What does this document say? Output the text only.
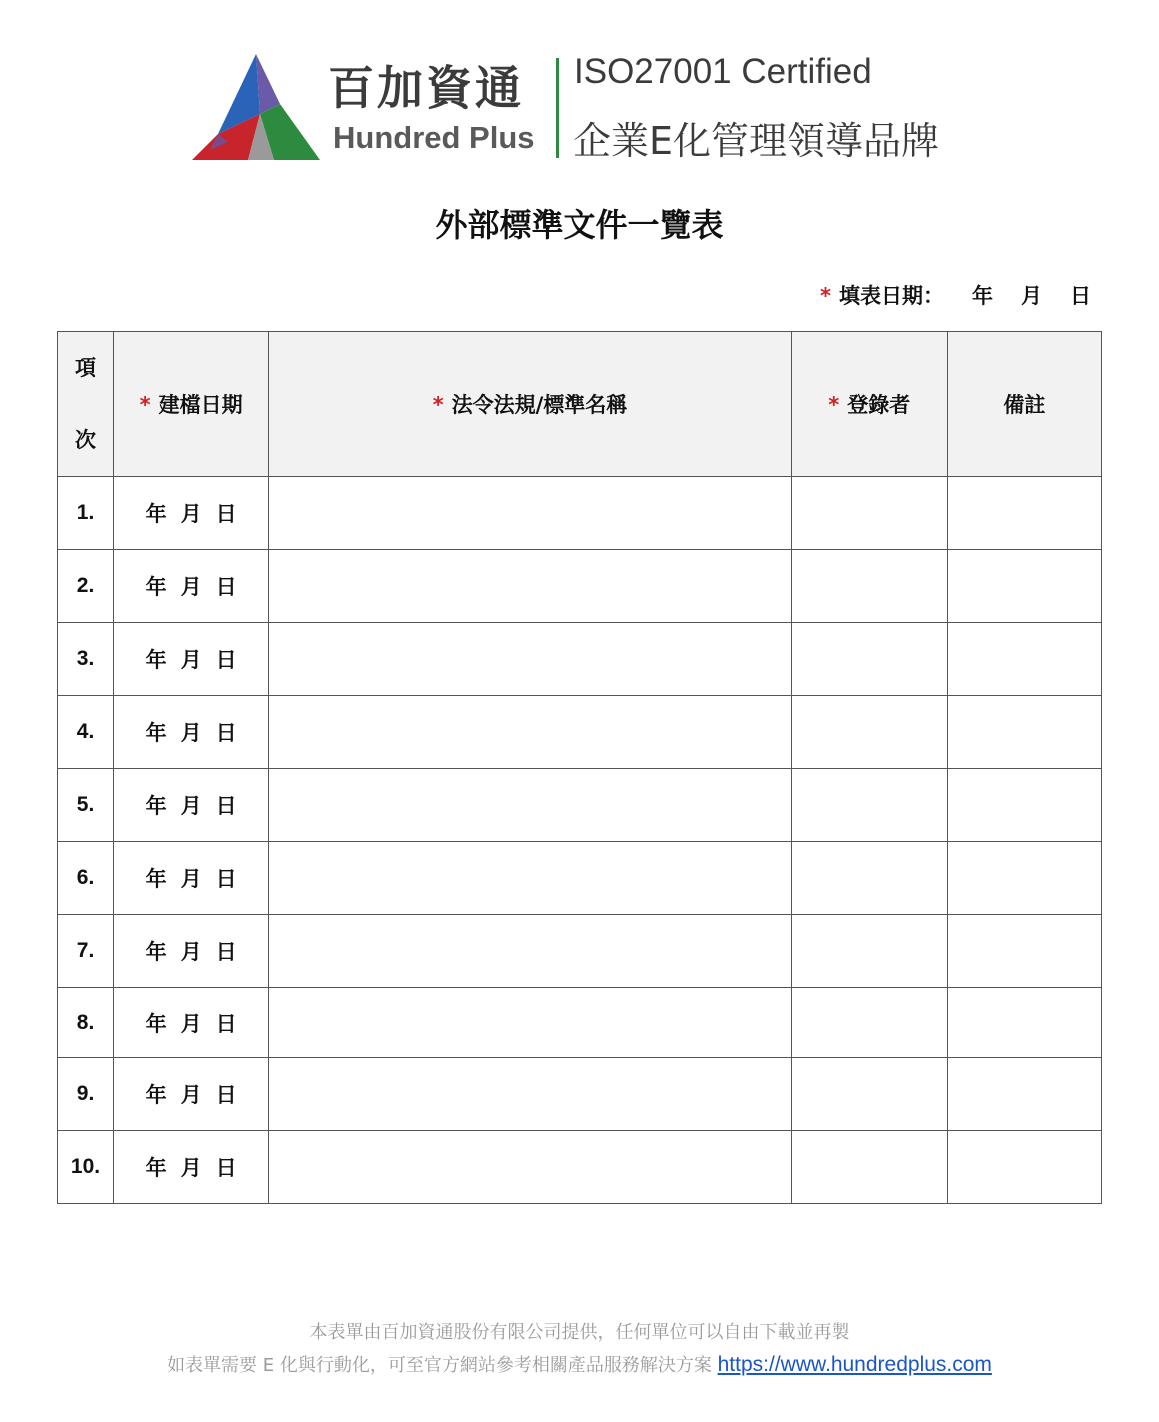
百加資通
Hundred Plus
ISO27001 Certified
企業E化管理領導品牌
外部標準文件一覽表
* 填表日期： 年 月 日
項
次	* 建檔日期	* 法令法規/標準名稱	* 登錄者	備註
1.	年 月 日			
2.	年 月 日			
3.	年 月 日			
4.	年 月 日			
5.	年 月 日			
6.	年 月 日			
7.	年 月 日			
8.	年 月 日			
9.	年 月 日			
10.	年 月 日			
本表單由百加資通股份有限公司提供，任何單位可以自由下載並再製
如表單需要 E 化與行動化，可至官方網站參考相關產品服務解決方案 https://www.hundredplus.com
